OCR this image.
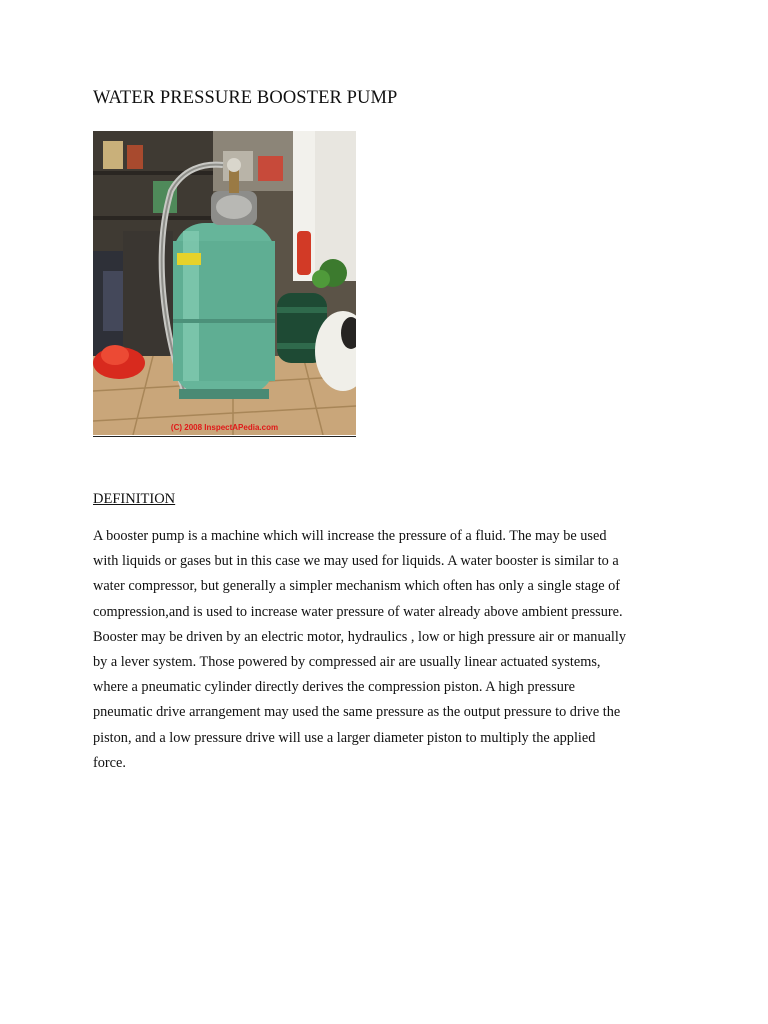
WATER PRESSURE BOOSTER PUMP
(C) 2008 InspectAPedia.com
DEFINITION
A booster pump is a machine which will increase the pressure of a fluid. The may be used
with liquids or gases but in this case we may used for liquids. A water booster is similar to a
water compressor, but generally a simpler mechanism which often has only a single stage of
compression,and is used to increase water pressure of water already above ambient pressure.
Booster may be driven by an electric motor, hydraulics , low or high pressure air or manually
by a lever system. Those powered by compressed air are usually linear actuated systems,
where a pneumatic cylinder directly derives the compression piston. A high pressure
pneumatic drive arrangement may used the same pressure as the output pressure to drive the
piston, and a low pressure drive will use a larger diameter piston to multiply the applied
force.
